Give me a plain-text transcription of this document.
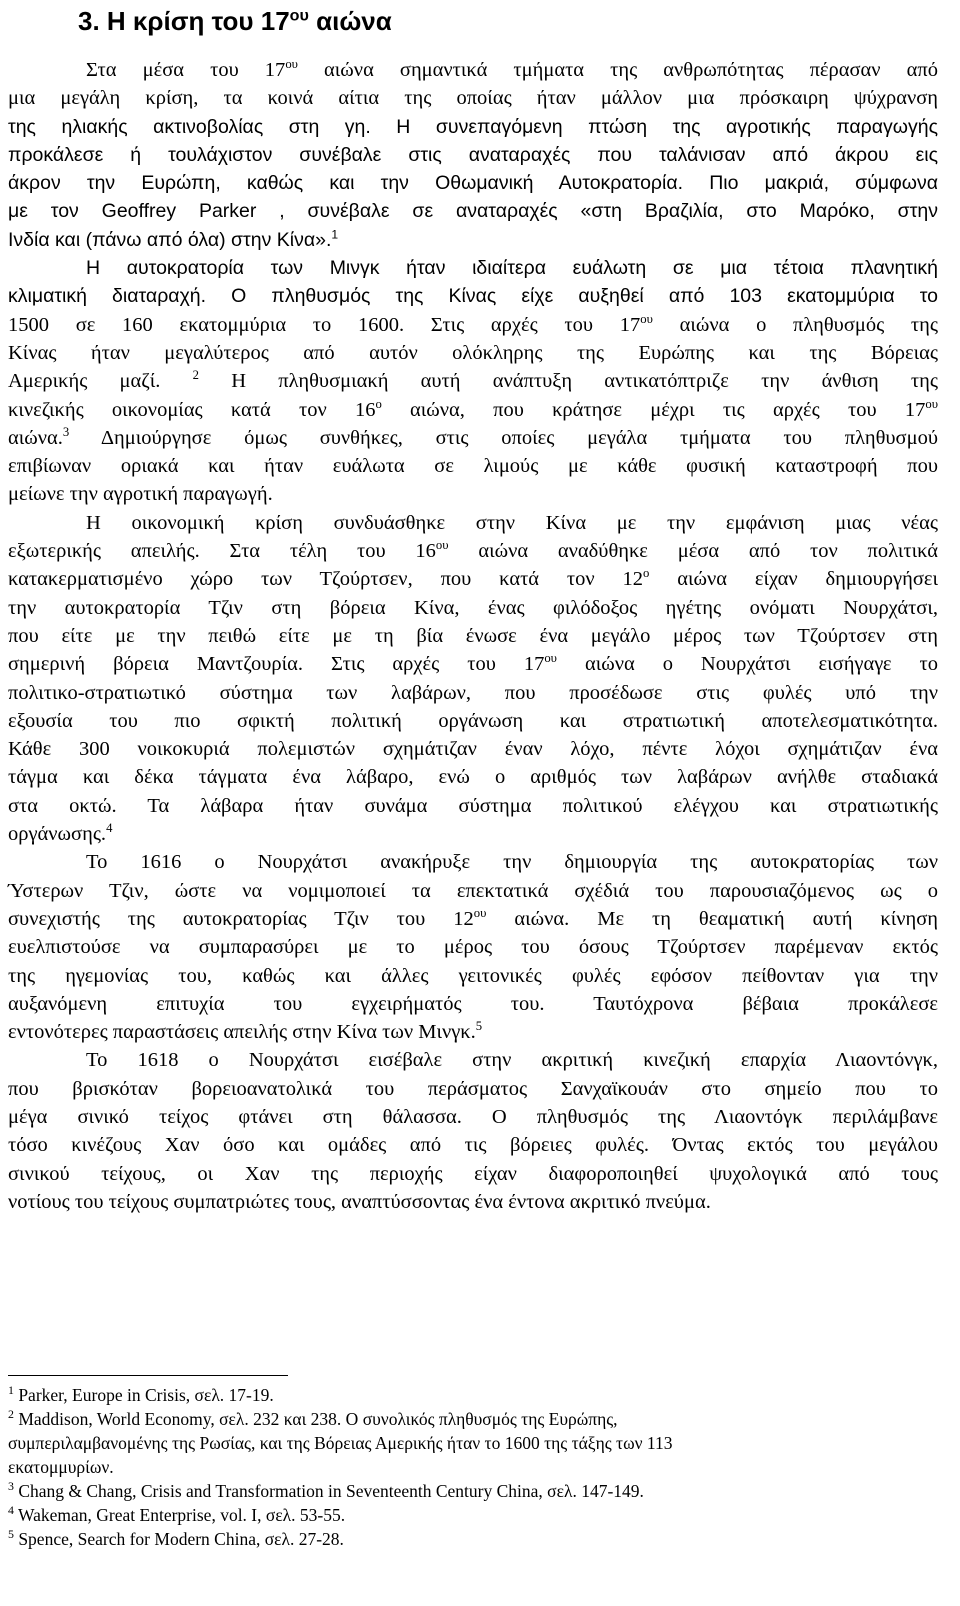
3. Η κρίση του $17^{o\upsilon}$ αιώνα
Στα μέσα του $17^{o\upsilon}$ αιώνα σημαντικά τμήματα της ανθρωπότητας πέρασαν από
μια μεγάλη κρίση, τα κοινά αίτια της οποίας ήταν μάλλον μια πρόσκαιρη ψύχρανση
της ηλιακής ακτινοβολίας στη γη. Η συνεπαγόμενη πτώση της αγροτικής παραγωγής
προκάλεσε ή τουλάχιστον συνέβαλε στις αναταραχές που ταλάνισαν από άκρου εις
άκρον την Ευρώπη, καθώς και την Οθωμανική Αυτοκρατορία. Πιο μακριά, σύμφωνα
με τον Geoffrey Parker , συνέβαλε σε αναταραχές «στη Βραζιλία, στο Μαρόκο, στην
Ινδία και (πάνω από όλα) στην Κίνα».$^1$
Η αυτοκρατορία των Μινγκ ήταν ιδιαίτερα ευάλωτη σε μια τέτοια πλανητική
κλιματική διαταραχή. Ο πληθυσμός της Κίνας είχε αυξηθεί από 103 εκατομμύρια το
1500 σε 160 εκατομμύρια το 1600. Στις αρχές του $17^{o\upsilon}$ αιώνα ο πληθυσμός της
Κίνας ήταν μεγαλύτερος από αυτόν ολόκληρης της Ευρώπης και της Βόρειας
Αμερικής μαζί. $^2$ Η πληθυσμιακή αυτή ανάπτυξη αντικατόπτριζε την άνθιση της
κινεζικής οικονομίας κατά τον $16^o$ αιώνα, που κράτησε μέχρι τις αρχές του $17^{o\upsilon}$
αιώνα.$^3$ Δημιούργησε όμως συνθήκες, στις οποίες μεγάλα τμήματα του πληθυσμού
επιβίωναν οριακά και ήταν ευάλωτα σε λιμούς με κάθε φυσική καταστροφή που
μείωνε την αγροτική παραγωγή.
Η οικονομική κρίση συνδυάσθηκε στην Κίνα με την εμφάνιση μιας νέας
εξωτερικής απειλής. Στα τέλη του $16^{o\upsilon}$ αιώνα αναδύθηκε μέσα από τον πολιτικά
κατακερματισμένο χώρο των Τζούρτσεν, που κατά τον $12^o$ αιώνα είχαν δημιουργήσει
την αυτοκρατορία Τζιν στη βόρεια Κίνα, ένας φιλόδοξος ηγέτης ονόματι Νουρχάτσι,
που είτε με την πειθώ είτε με τη βία ένωσε ένα μεγάλο μέρος των Τζούρτσεν στη
σημερινή βόρεια Μαντζουρία. Στις αρχές του $17^{o\upsilon}$ αιώνα ο Νουρχάτσι εισήγαγε το
πολιτικο-στρατιωτικό σύστημα των λαβάρων, που προσέδωσε στις φυλές υπό την
εξουσία του πιο σφικτή πολιτική οργάνωση και στρατιωτική αποτελεσματικότητα.
Κάθε 300 νοικοκυριά πολεμιστών σχημάτιζαν έναν λόχο, πέντε λόχοι σχημάτιζαν ένα
τάγμα και δέκα τάγματα ένα λάβαρο, ενώ ο αριθμός των λαβάρων ανήλθε σταδιακά
στα οκτώ. Τα λάβαρα ήταν συνάμα σύστημα πολιτικού ελέγχου και στρατιωτικής
οργάνωσης.$^4$
Το 1616 ο Νουρχάτσι ανακήρυξε την δημιουργία της αυτοκρατορίας των
Ύστερων Τζιν, ώστε να νομιμοποιεί τα επεκτατικά σχέδιά του παρουσιαζόμενος ως ο
συνεχιστής της αυτοκρατορίας Τζιν του $12^{o\upsilon}$ αιώνα. Με τη θεαματική αυτή κίνηση
ευελπιστούσε να συμπαρασύρει με το μέρος του όσους Τζούρτσεν παρέμεναν εκτός
της ηγεμονίας του, καθώς και άλλες γειτονικές φυλές εφόσον πείθονταν για την
αυξανόμενη επιτυχία του εγχειρήματός του. Ταυτόχρονα βέβαια προκάλεσε
εντονότερες παραστάσεις απειλής στην Κίνα των Μινγκ.$^5$
Το 1618 ο Νουρχάτσι εισέβαλε στην ακριτική κινεζική επαρχία Λιαοντόνγκ,
που βρισκόταν βορειοανατολικά του περάσματος Σανχαϊκουάν στο σημείο που το
μέγα σινικό τείχος φτάνει στη θάλασσα. Ο πληθυσμός της Λιαοντόγκ περιλάμβανε
τόσο κινέζους Χαν όσο και ομάδες από τις βόρειες φυλές. Όντας εκτός του μεγάλου
σινικού τείχους, οι Χαν της περιοχής είχαν διαφοροποιηθεί ψυχολογικά από τους
νοτίους του τείχους συμπατριώτες τους, αναπτύσσοντας ένα έντονα ακριτικό πνεύμα.
$^1$ Parker, Europe in Crisis, σελ. 17-19.
$^2$ Maddison, World Economy, σελ. 232 και 238. Ο συνολικός πληθυσμός της Ευρώπης,
συμπεριλαμβανομένης της Ρωσίας, και της Βόρειας Αμερικής ήταν το 1600 της τάξης των 113
εκατομμυρίων.
$^3$ Chang & Chang, Crisis and Transformation in Seventeenth Century China, σελ. 147-149.
$^4$ Wakeman, Great Enterprise, vol. I, σελ. 53-55.
$^5$ Spence, Search for Modern China, σελ. 27-28.
